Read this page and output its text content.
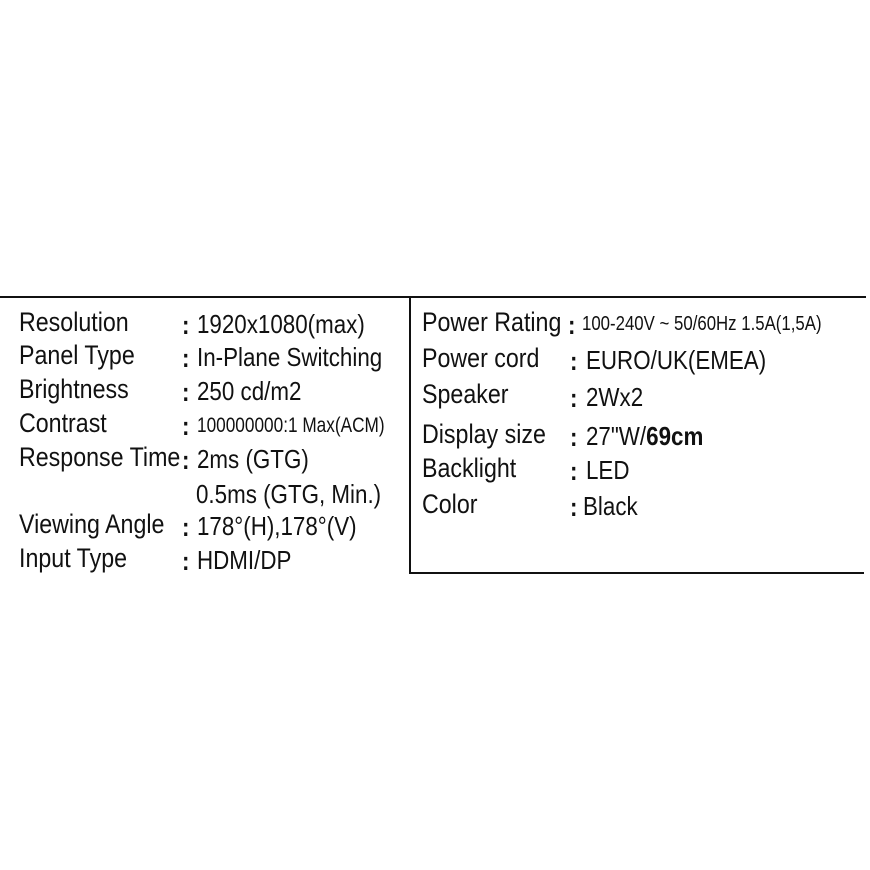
Resolution : 1920x1080(max)
Panel Type : In-Plane Switching
Brightness : 250 cd/m2
Contrast	: 100000000:1 Max(ACM)
Response Time : 2ms (GTG)
0.5ms (GTG, Min.)
Viewing Angle : 178°(H),178°(V)
Input Type : HDMI/DP
Power Rating : 100-240V ~ 50/60Hz 1.5A(1,5A)
Power cord : EURO/UK(EMEA)
Speaker : 2Wx2
Display size : 27"W/69cm
Backlight : LED
Color	: Black
